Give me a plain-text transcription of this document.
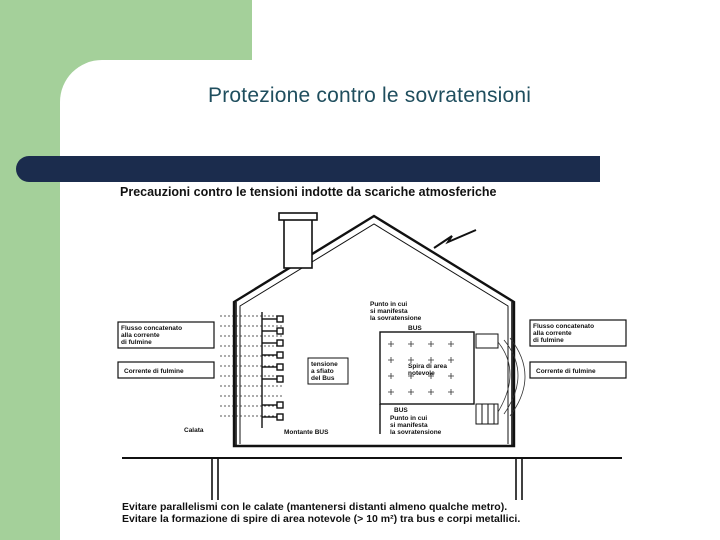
Protezione contro le sovratensioni
Precauzioni contro le tensioni indotte da scariche atmosferiche
Flusso concatenato
alla corrente
di fulmine
Corrente di fulmine
Flusso concatenato
alla corrente
di fulmine
Corrente di fulmine
Punto in cui
si manifesta
la sovratensione
BUS
tensione
a sfiato
del Bus
Spira di area
notevole
BUS
Punto in cui
si manifesta
la sovratensione
Calata	Montante BUS
Evitare parallelismi con le calate (mantenersi distanti almeno qualche metro).
Evitare la formazione di spire di area notevole (> 10 m²) tra bus e corpi metallici.
